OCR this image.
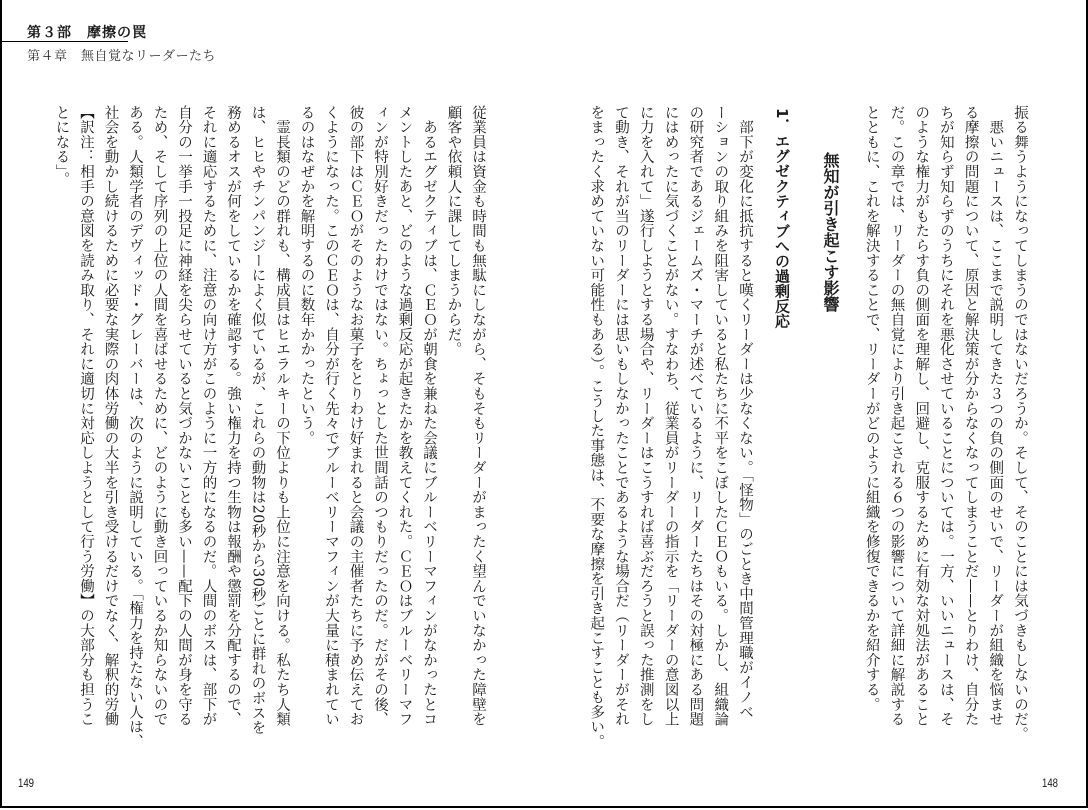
第３部　摩擦の罠
第４章　無自覚なリーダーたち
無知が引き起こす影響
1．エグゼクティブへの過剰反応	振る舞うようになってしまうのではないだろうか。そして、そのことには気づきもしないのだ。
　悪いニュースは、ここまで説明してきた３つの負の側面のせいで、リーダーが組織を悩ませ
る摩擦の問題について、原因と解決策が分からなくなってしまうことだ——とりわけ、自分た
ちが知らず知らずのうちにそれを悪化させていることについては。一方、いいニュースは、そ
のような権力がもたらす負の側面を理解し、回避し、克服するために有効な対処法があること
だ。この章では、リーダーの無自覚により引き起こされる６つの影響について詳細に解説する
とともに、これを解決することで、リーダーがどのように組織を修復できるかを紹介する。
　部下が変化に抵抗すると嘆くリーダーは少なくない。「怪物」のごとき中間管理職がイノベ
ーションの取り組みを阻害していると私たちに不平をこぼしたＣＥＯもいる。しかし、組織論
の研究者であるジェームズ・マーチが述べているように、リーダーたちはその対極にある問題
にはめったに気づくことがない。すなわち、従業員がリーダーの指示を「リーダーの意図以上
に力を入れて」遂行しようとする場合や、リーダーはこうすれば喜ぶだろうと誤った推測をし
て動き、それが当のリーダーには思いもしなかったことであるような場合だ（リーダーがそれ
をまったく求めていない可能性もある）。こうした事態は、不要な摩擦を引き起こすことも多い。
従業員は資金も時間も無駄にしながら、そもそもリーダーがまったく望んでいなかった障壁を
顧客や依頼人に課してしまうからだ。
　あるエグゼクティブは、ＣＥＯが朝食を兼ねた会議にブルーベリーマフィンがなかったとコ
メントしたあと、どのような過剰反応が起きたかを教えてくれた。ＣＥＯはブルーベリーマフ
ィンが特別好きだったわけではない。ちょっとした世間話のつもりだったのだ。だがその後、
彼の部下はＣＥＯがそのようなお菓子をとりわけ好まれると会議の主催者たちに予め伝えてお
くようになった。このＣＥＯは、自分が行く先々でブルーベリーマフィンが大量に積まれてい
るのはなぜかを解明するのに数年かかったという。
　霊長類のどの群れも、構成員はヒエラルキーの下位よりも上位に注意を向ける。私たち人類
は、ヒヒやチンパンジーによく似ているが、これらの動物は20秒から30秒ごとに群れのボスを
務めるオスが何をしているかを確認する。強い権力を持つ生物は報酬や懲罰を分配するので、
それに適応するために、注意の向け方がこのように一方的になるのだ。人間のボスは、部下が
自分の一挙手一投足に神経を尖らせていると気づかないことも多い——配下の人間が身を守る
ため、そして序列の上位の人間を喜ばせるために、どのように動き回っているか知らないので
ある。人類学者のデヴィッド・グレーバーは、次のように説明している。「権力を持たない人は、
社会を動かし続けるために必要な実際の肉体労働の大半を引き受けるだけでなく、解釈的労働
【訳注：相手の意図を読み取り、それに適切に対応しようとして行う労働】の大部分も担うこ
とになる」。
149	148
